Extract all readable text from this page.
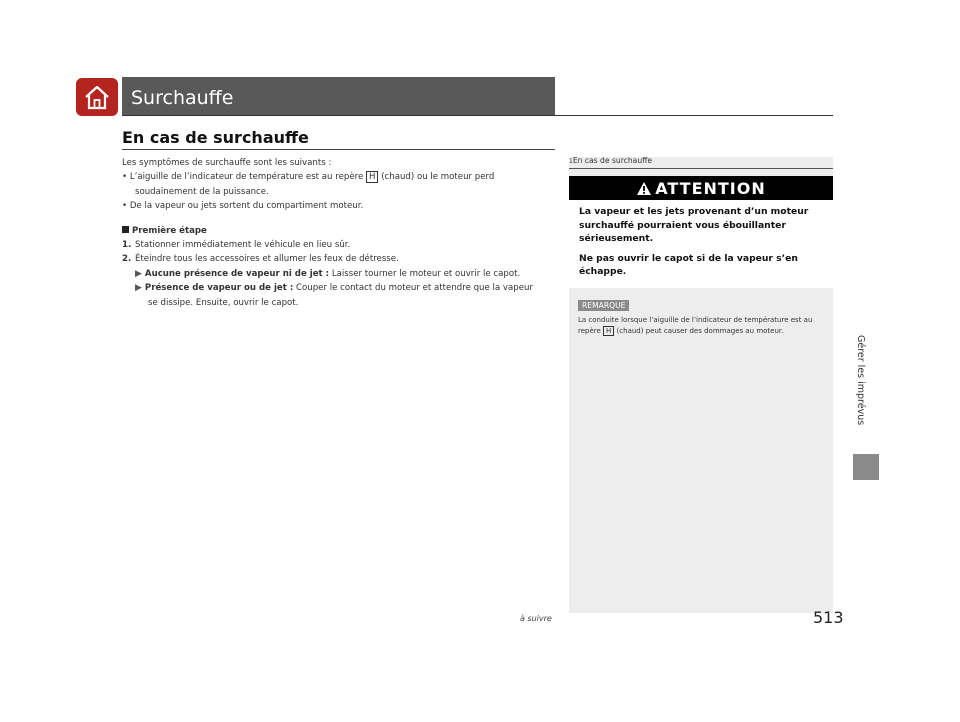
Surchauffe
En cas de surchauffe

Les symptômes de surchauffe sont les suivants :

• L’aiguille de l’indicateur de température est au repère H (chaud) ou le moteur perd

soudainement de la puissance.

• De la vapeur ou jets sortent du compartiment moteur.

Première étape

1. Stationner immédiatement le véhicule en lieu sûr.

2. Éteindre tous les accessoires et allumer les feux de détresse.

▶ Aucune présence de vapeur ni de jet : Laisser tourner le moteur et ouvrir le capot.

▶ Présence de vapeur ou de jet : Couper le contact du moteur et attendre que la vapeur

se dissipe. Ensuite, ouvrir le capot.

1En cas de surchauffe
ATTENTION

La vapeur et les jets provenant d’un moteur surchauffé pourraient vous ébouillanter sérieusement.

Ne pas ouvrir le capot si de la vapeur s’en échappe.

REMARQUE
La conduite lorsque l’aiguille de l’indicateur de température est au repère H (chaud) peut causer des dommages au moteur.
Gérer les imprévus
à suivre	513
